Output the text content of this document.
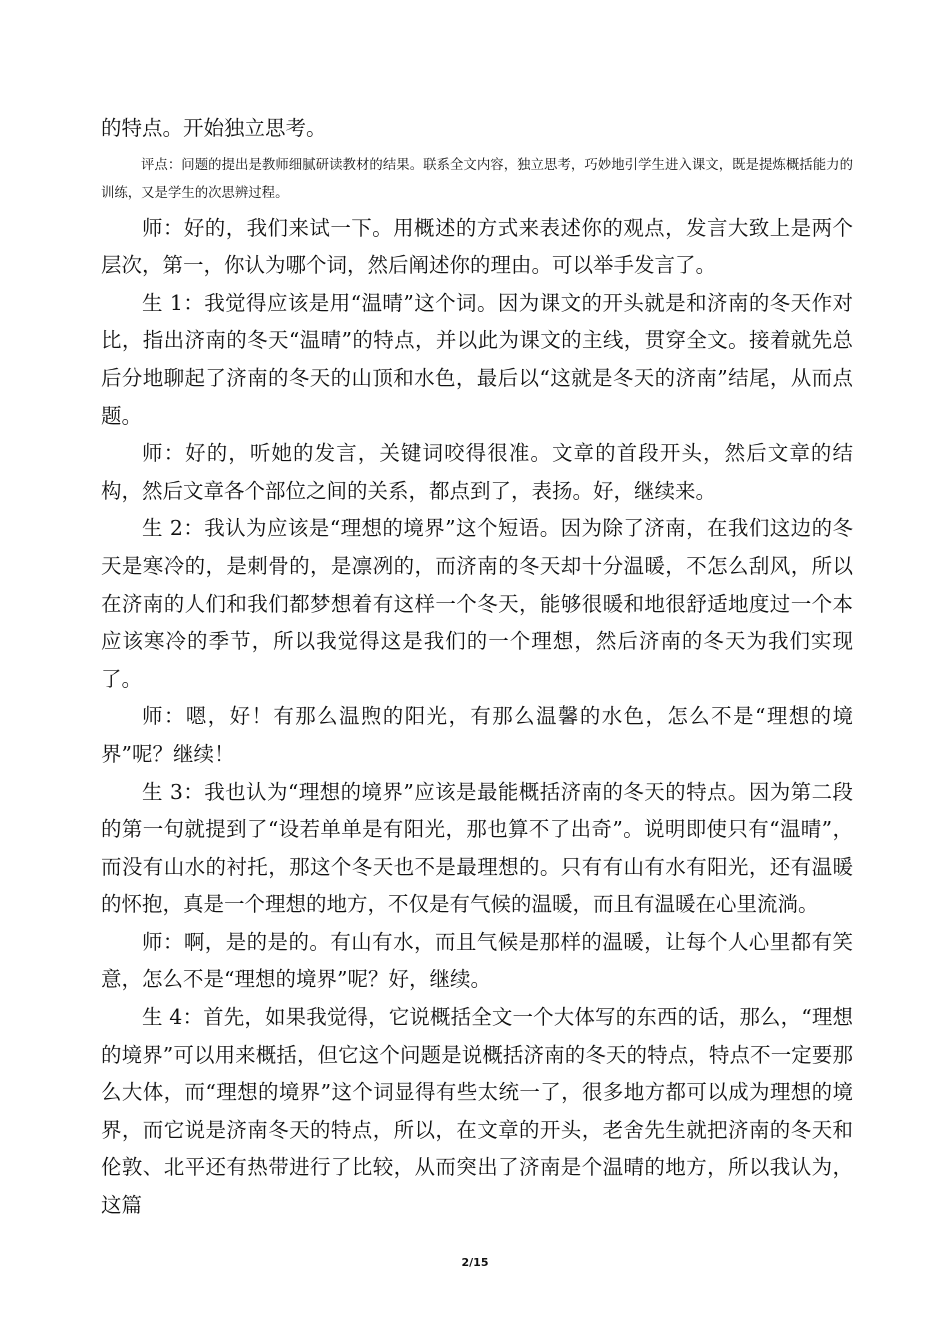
的特点。开始独立思考。

评点：问题的提出是教师细腻研读教材的结果。联系全文内容，独立思考，巧妙地引学生进入课文，既是提炼概括能力的训练，又是学生的次思辨过程。

师：好的，我们来试一下。用概述的方式来表述你的观点，发言大致上是两个层次，第一，你认为哪个词，然后阐述你的理由。可以举手发言了。

生 1：我觉得应该是用“温晴”这个词。因为课文的开头就是和济南的冬天作对比，指出济南的冬天“温晴”的特点，并以此为课文的主线，贯穿全文。接着就先总后分地聊起了济南的冬天的山顶和水色，最后以“这就是冬天的济南”结尾，从而点题。

师：好的，听她的发言，关键词咬得很准。文章的首段开头，然后文章的结构，然后文章各个部位之间的关系，都点到了，表扬。好，继续来。

生 2：我认为应该是“理想的境界”这个短语。因为除了济南，在我们这边的冬天是寒冷的，是刺骨的，是凛冽的，而济南的冬天却十分温暖，不怎么刮风，所以在济南的人们和我们都梦想着有这样一个冬天，能够很暖和地很舒适地度过一个本应该寒冷的季节，所以我觉得这是我们的一个理想，然后济南的冬天为我们实现了。

师：嗯，好！有那么温煦的阳光，有那么温馨的水色，怎么不是“理想的境界”呢？继续！

生 3：我也认为“理想的境界”应该是最能概括济南的冬天的特点。因为第二段的第一句就提到了“设若单单是有阳光，那也算不了出奇”。说明即使只有“温晴”，而没有山水的衬托，那这个冬天也不是最理想的。只有有山有水有阳光，还有温暖的怀抱，真是一个理想的地方，不仅是有气候的温暖，而且有温暖在心里流淌。

师：啊，是的是的。有山有水，而且气候是那样的温暖，让每个人心里都有笑意，怎么不是“理想的境界”呢？好，继续。

生 4：首先，如果我觉得，它说概括全文一个大体写的东西的话，那么，“理想的境界”可以用来概括，但它这个问题是说概括济南的冬天的特点，特点不一定要那么大体，而“理想的境界”这个词显得有些太统一了，很多地方都可以成为理想的境界，而它说是济南冬天的特点，所以，在文章的开头，老舍先生就把济南的冬天和伦敦、北平还有热带进行了比较，从而突出了济南是个温晴的地方，所以我认为，这篇

2/15
